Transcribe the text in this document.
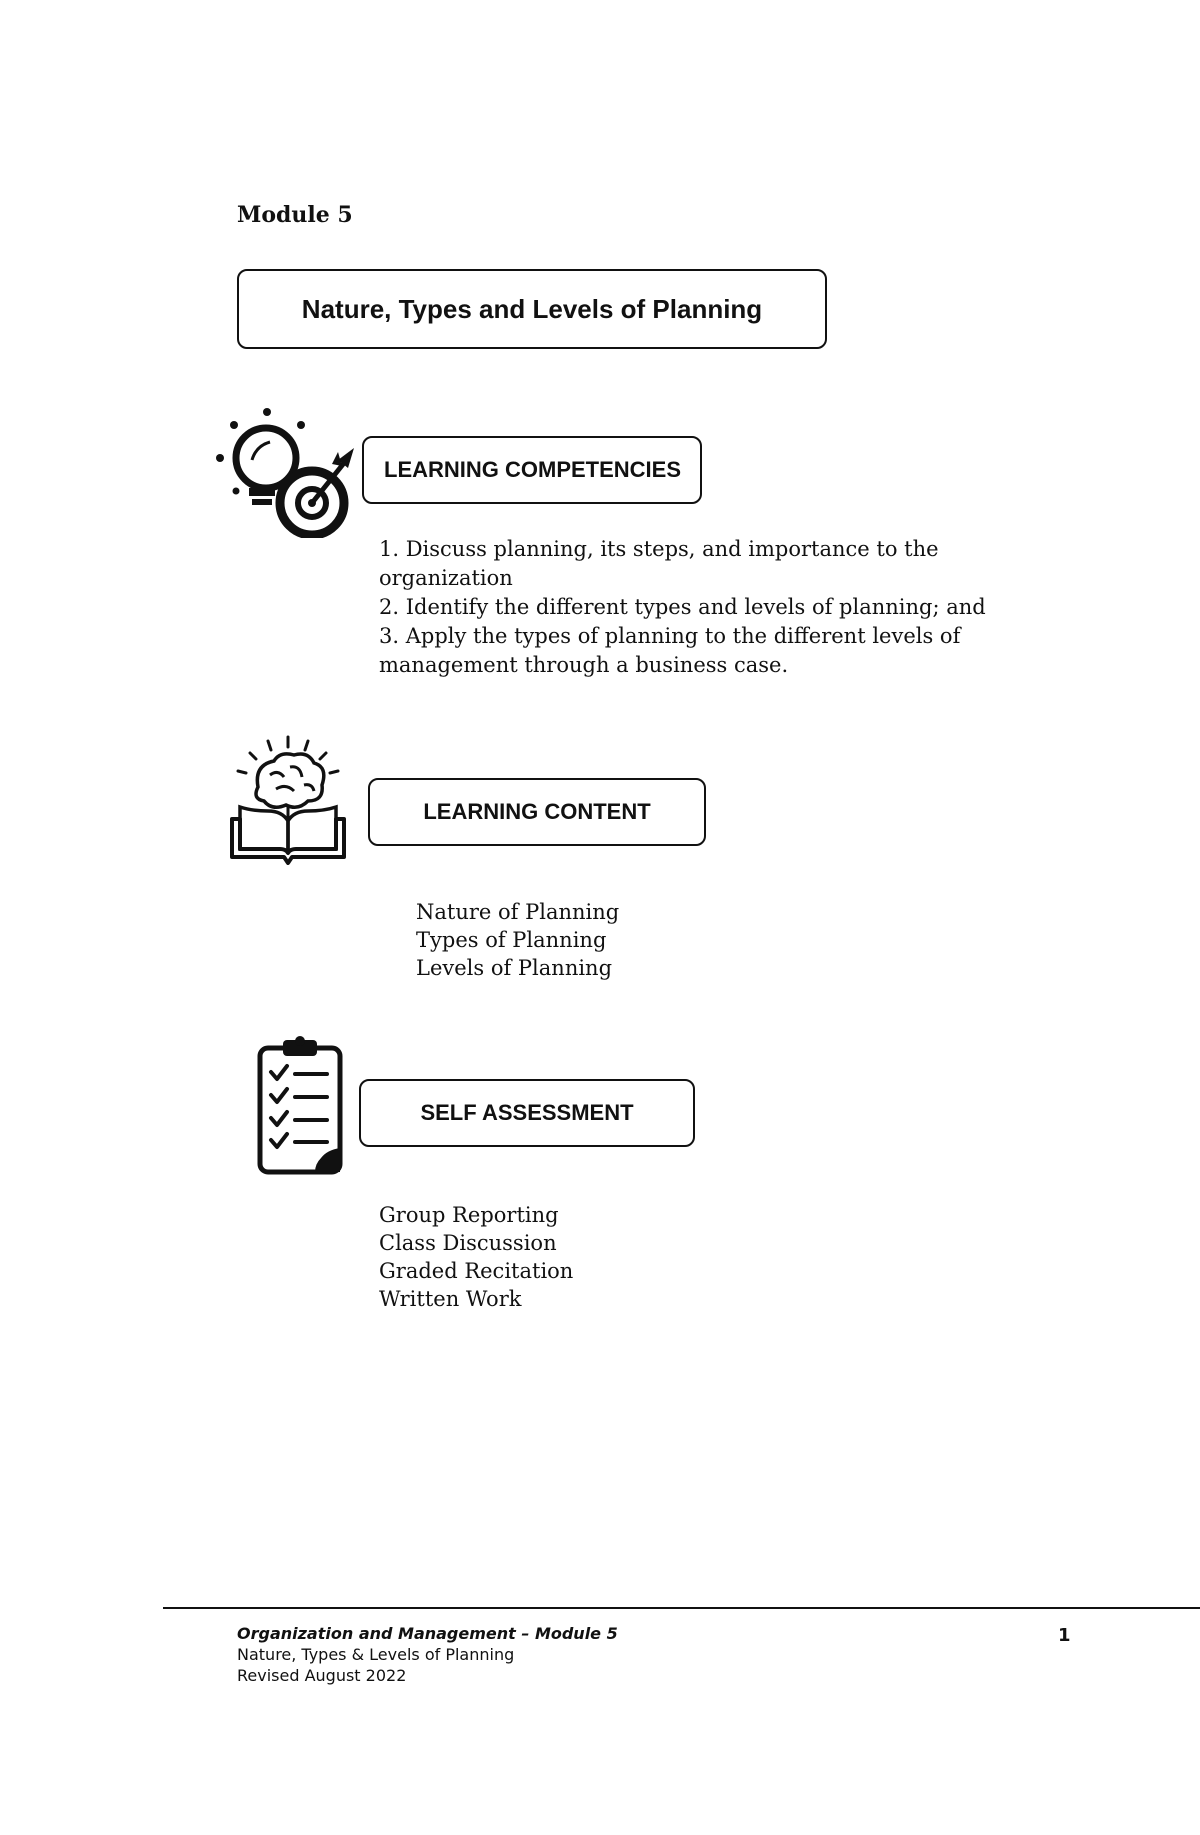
Module 5
Nature, Types and Levels of Planning
LEARNING COMPETENCIES
1. Discuss planning, its steps, and importance to the organization
2. Identify the different types and levels of planning; and
3. Apply the types of planning to the different levels of management through a business case.
LEARNING CONTENT
Nature of Planning
Types of Planning
Levels of Planning
SELF ASSESSMENT
Group Reporting
Class Discussion
Graded Recitation
Written Work
Organization and Management – Module 5
Nature, Types & Levels of Planning
Revised August 2022
1
